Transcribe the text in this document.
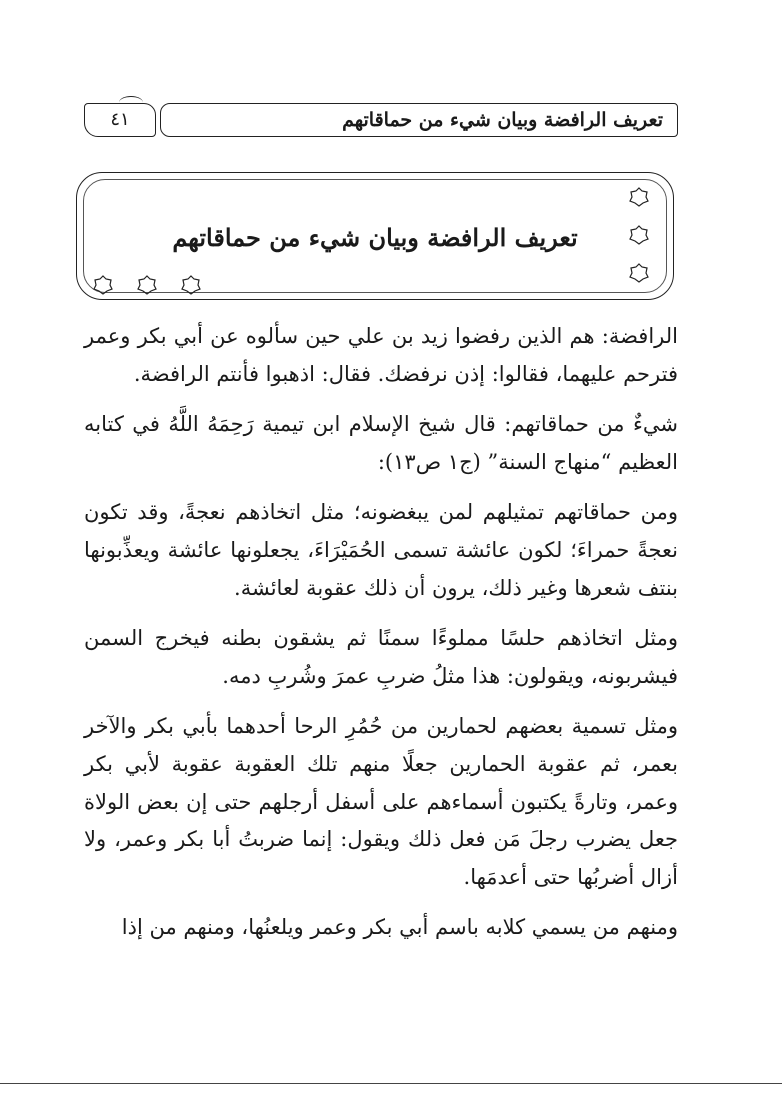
٤١	تعريف الرافضة وبيان شيء من حماقاتهم
تعريف الرافضة وبيان شيء من حماقاتهم

الرافضة: هم الذين رفضوا زيد بن علي حين سألوه عن أبي بكر وعمر فترحم عليهما، فقالوا: إذن نرفضك. فقال: اذهبوا فأنتم الرافضة.

شيءٌ من حماقاتهم: قال شيخ الإسلام ابن تيمية رَحِمَهُ اللَّهُ في كتابه العظيم “منهاج السنة” (ج١ ص١٣):

ومن حماقاتهم تمثيلهم لمن يبغضونه؛ مثل اتخاذهم نعجةً، وقد تكون نعجةً حمراءَ؛ لكون عائشة تسمى الحُمَيْرَاءَ، يجعلونها عائشة ويعذِّبونها بنتف شعرها وغير ذلك، يرون أن ذلك عقوبة لعائشة.

ومثل اتخاذهم حلسًا مملوءًا سمنًا ثم يشقون بطنه فيخرج السمن فيشربونه، ويقولون: هذا مثلُ ضربِ عمرَ وشُربِ دمه.

ومثل تسمية بعضهم لحمارين من حُمُرِ الرحا أحدهما بأبي بكر والآخر بعمر، ثم عقوبة الحمارين جعلًا منهم تلك العقوبة عقوبة لأبي بكر وعمر، وتارةً يكتبون أسماءهم على أسفل أرجلهم حتى إن بعض الولاة جعل يضرب رجلَ مَن فعل ذلك ويقول: إنما ضربتُ أبا بكر وعمر، ولا أزال أضربُها حتى أعدمَها.

ومنهم من يسمي كلابه باسم أبي بكر وعمر ويلعنُها، ومنهم من إذا
